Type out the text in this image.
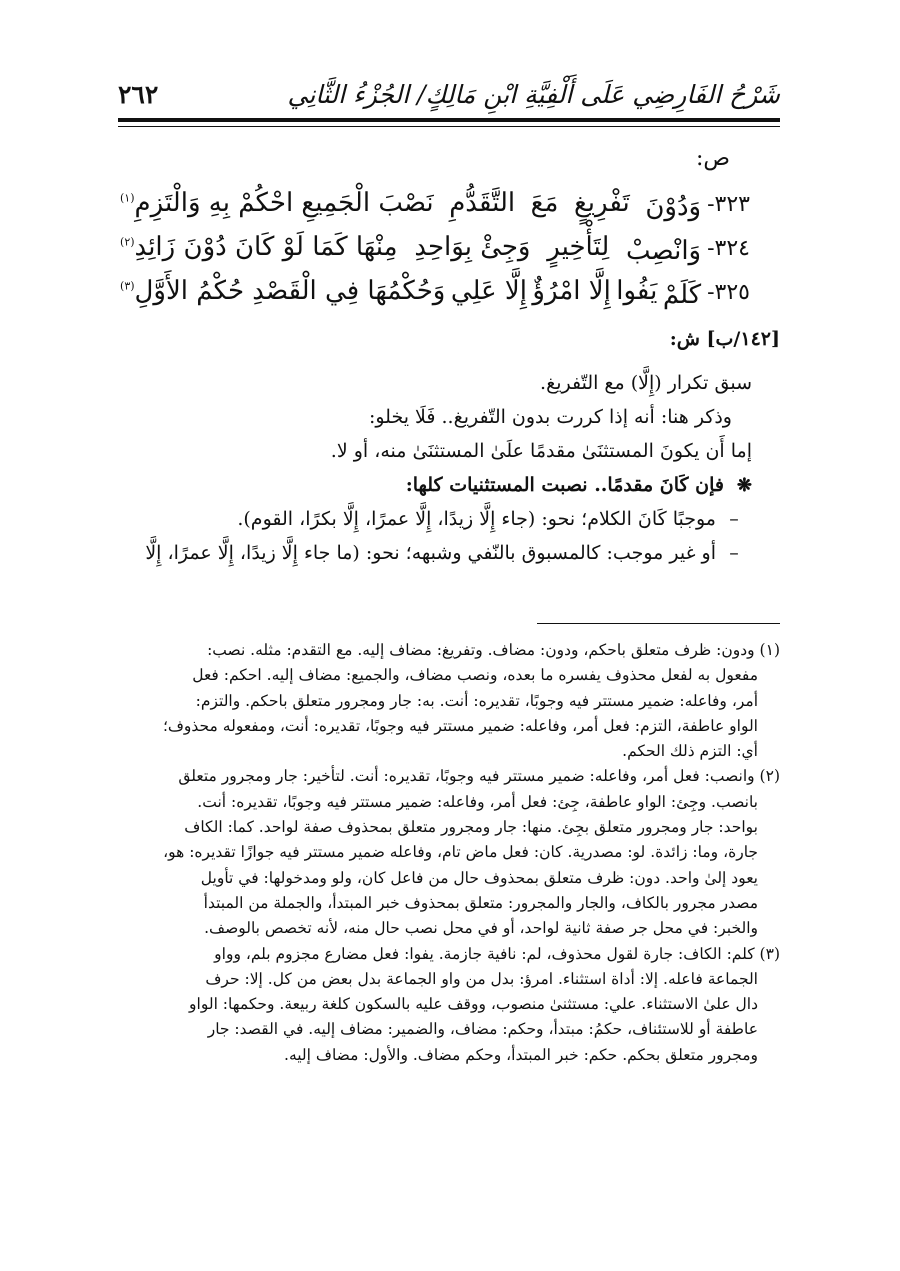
شَرْحُ الفَارِضِي عَلَى أَلْفِيَّةِ ابْنِ مَالِكٍ/ الجُزْءُ الثَّانِي
٢٦٢
ص:
٣٢٣-
وَدُوْنَ
تَفْرِيغٍ
مَعَ
التَّقَدُّمِ
نَصْبَ الْجَمِيعِ احْكُمْ بِهِ وَالْتَزِمِ$^{(١)}$
٣٢٤-
وَانْصِبْ
لِتَأْخِيرٍ
وَجِئْ بِوَاحِدِ
مِنْهَا كَمَا لَوْ كَانَ دُوْنَ زَائِدِ$^{(٢)}$
٣٢٥-
كَلَمْ
يَفُوا
إِلَّا امْرُؤٌ
إِلَّا عَلِي
وَحُكْمُهَا فِي الْقَصْدِ حُكْمُ الأَوَّلِ$^{(٣)}$
[١٤٢/ب] ش:
سبق تكرار (إِلَّا) مع التّفريغ.
وذكر هنا: أنه إذا كررت بدون التّفريغ.. فَلَا يخلو:
إما أَن يكونَ المستثنَىٰ مقدمًا علَىٰ المستثنَىٰ منه، أو لا.
❋فإن كَانَ مقدمًا.. نصبت المستثنيات كلها:
–موجبًا كَانَ الكلام؛ نحو: (جاء إِلَّا زيدًا، إِلَّا عمرًا، إِلَّا بكرًا، القوم).
–أو غير موجب: كالمسبوق بالنّفي وشبهه؛ نحو: (ما جاء إِلَّا زيدًا، إِلَّا عمرًا، إِلَّا
(١) ودون: ظرف متعلق باحكم، ودون: مضاف. وتفريغ: مضاف إليه. مع التقدم: مثله. نصب:
مفعول به لفعل محذوف يفسره ما بعده، ونصب مضاف، والجميع: مضاف إليه. احكم: فعل
أمر، وفاعله: ضمير مستتر فيه وجوبًا، تقديره: أنت. به: جار ومجرور متعلق باحكم. والتزم:
الواو عاطفة، التزم: فعل أمر، وفاعله: ضمير مستتر فيه وجوبًا، تقديره: أنت، ومفعوله محذوف؛
أي: التزم ذلك الحكم.
(٢) وانصب: فعل أمر، وفاعله: ضمير مستتر فيه وجوبًا، تقديره: أنت. لتأخير: جار ومجرور متعلق
بانصب. وجِئ: الواو عاطفة، جِئ: فعل أمر، وفاعله: ضمير مستتر فيه وجوبًا، تقديره: أنت.
بواحد: جار ومجرور متعلق بجِئ. منها: جار ومجرور متعلق بمحذوف صفة لواحد. كما: الكاف
جارة، وما: زائدة. لو: مصدرية. كان: فعل ماض تام، وفاعله ضمير مستتر فيه جوازًا تقديره: هو،
يعود إلىٰ واحد. دون: ظرف متعلق بمحذوف حال من فاعل كان، ولو ومدخولها: في تأويل
مصدر مجرور بالكاف، والجار والمجرور: متعلق بمحذوف خبر المبتدأ، والجملة من المبتدأ
والخبر: في محل جر صفة ثانية لواحد، أو في محل نصب حال منه، لأنه تخصص بالوصف.
(٣) كلم: الكاف: جارة لقول محذوف، لم: نافية جازمة. يفوا: فعل مضارع مجزوم بلم، وواو
الجماعة فاعله. إلا: أداة استثناء. امرؤ: بدل من واو الجماعة بدل بعض من كل. إلا: حرف
دال علىٰ الاستثناء. علي: مستثنىٰ منصوب، ووقف عليه بالسكون كلغة ربيعة. وحكمها: الواو
عاطفة أو للاستئناف، حكمُ: مبتدأ، وحكم: مضاف، والضمير: مضاف إليه. في القصد: جار
ومجرور متعلق بحكم. حكم: خبر المبتدأ، وحكم مضاف. والأول: مضاف إليه.
